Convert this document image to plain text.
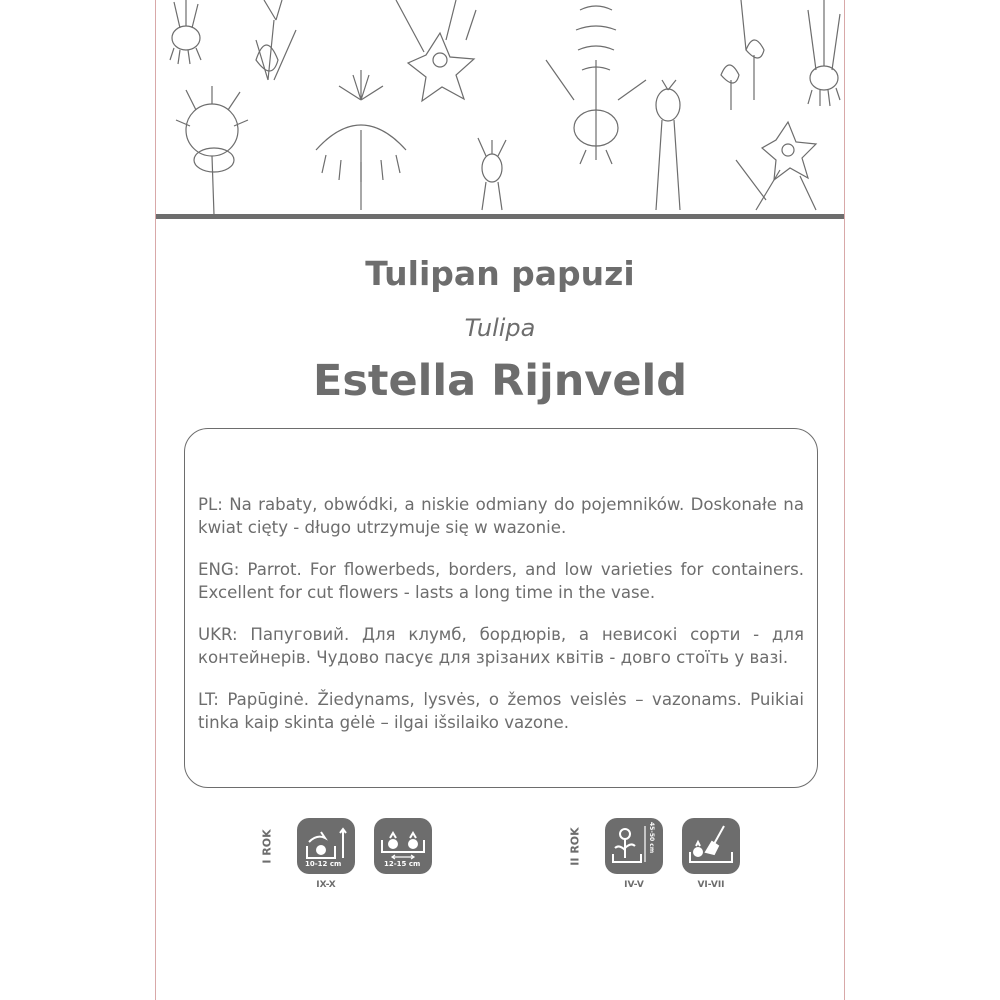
Tulipan papuzi
Tulipa
Estella Rijnveld

PL: Na rabaty, obwódki, a niskie odmiany do pojemników. Doskonałe na kwiat cięty - długo utrzymuje się w wazonie.

ENG: Parrot. For flowerbeds, borders, and low varieties for containers. Excellent for cut flowers - lasts a long time in the vase.

UKR: Папуговий. Для клумб, бордюрів, а невисокі сорти - для контейнерів. Чудово пасує для зрізаних квітів - довго стоїть у вазі.

LT: Papūginė. Žiedynams, lysvės, o žemos veislės – vazonams. Puikiai tinka kaip skinta gėlė – ilgai išsilaiko vazone.

I ROK
10-12 cm
IX-X
12-15 cm	II ROK	45-50 cm
IV-V	VI-VII
